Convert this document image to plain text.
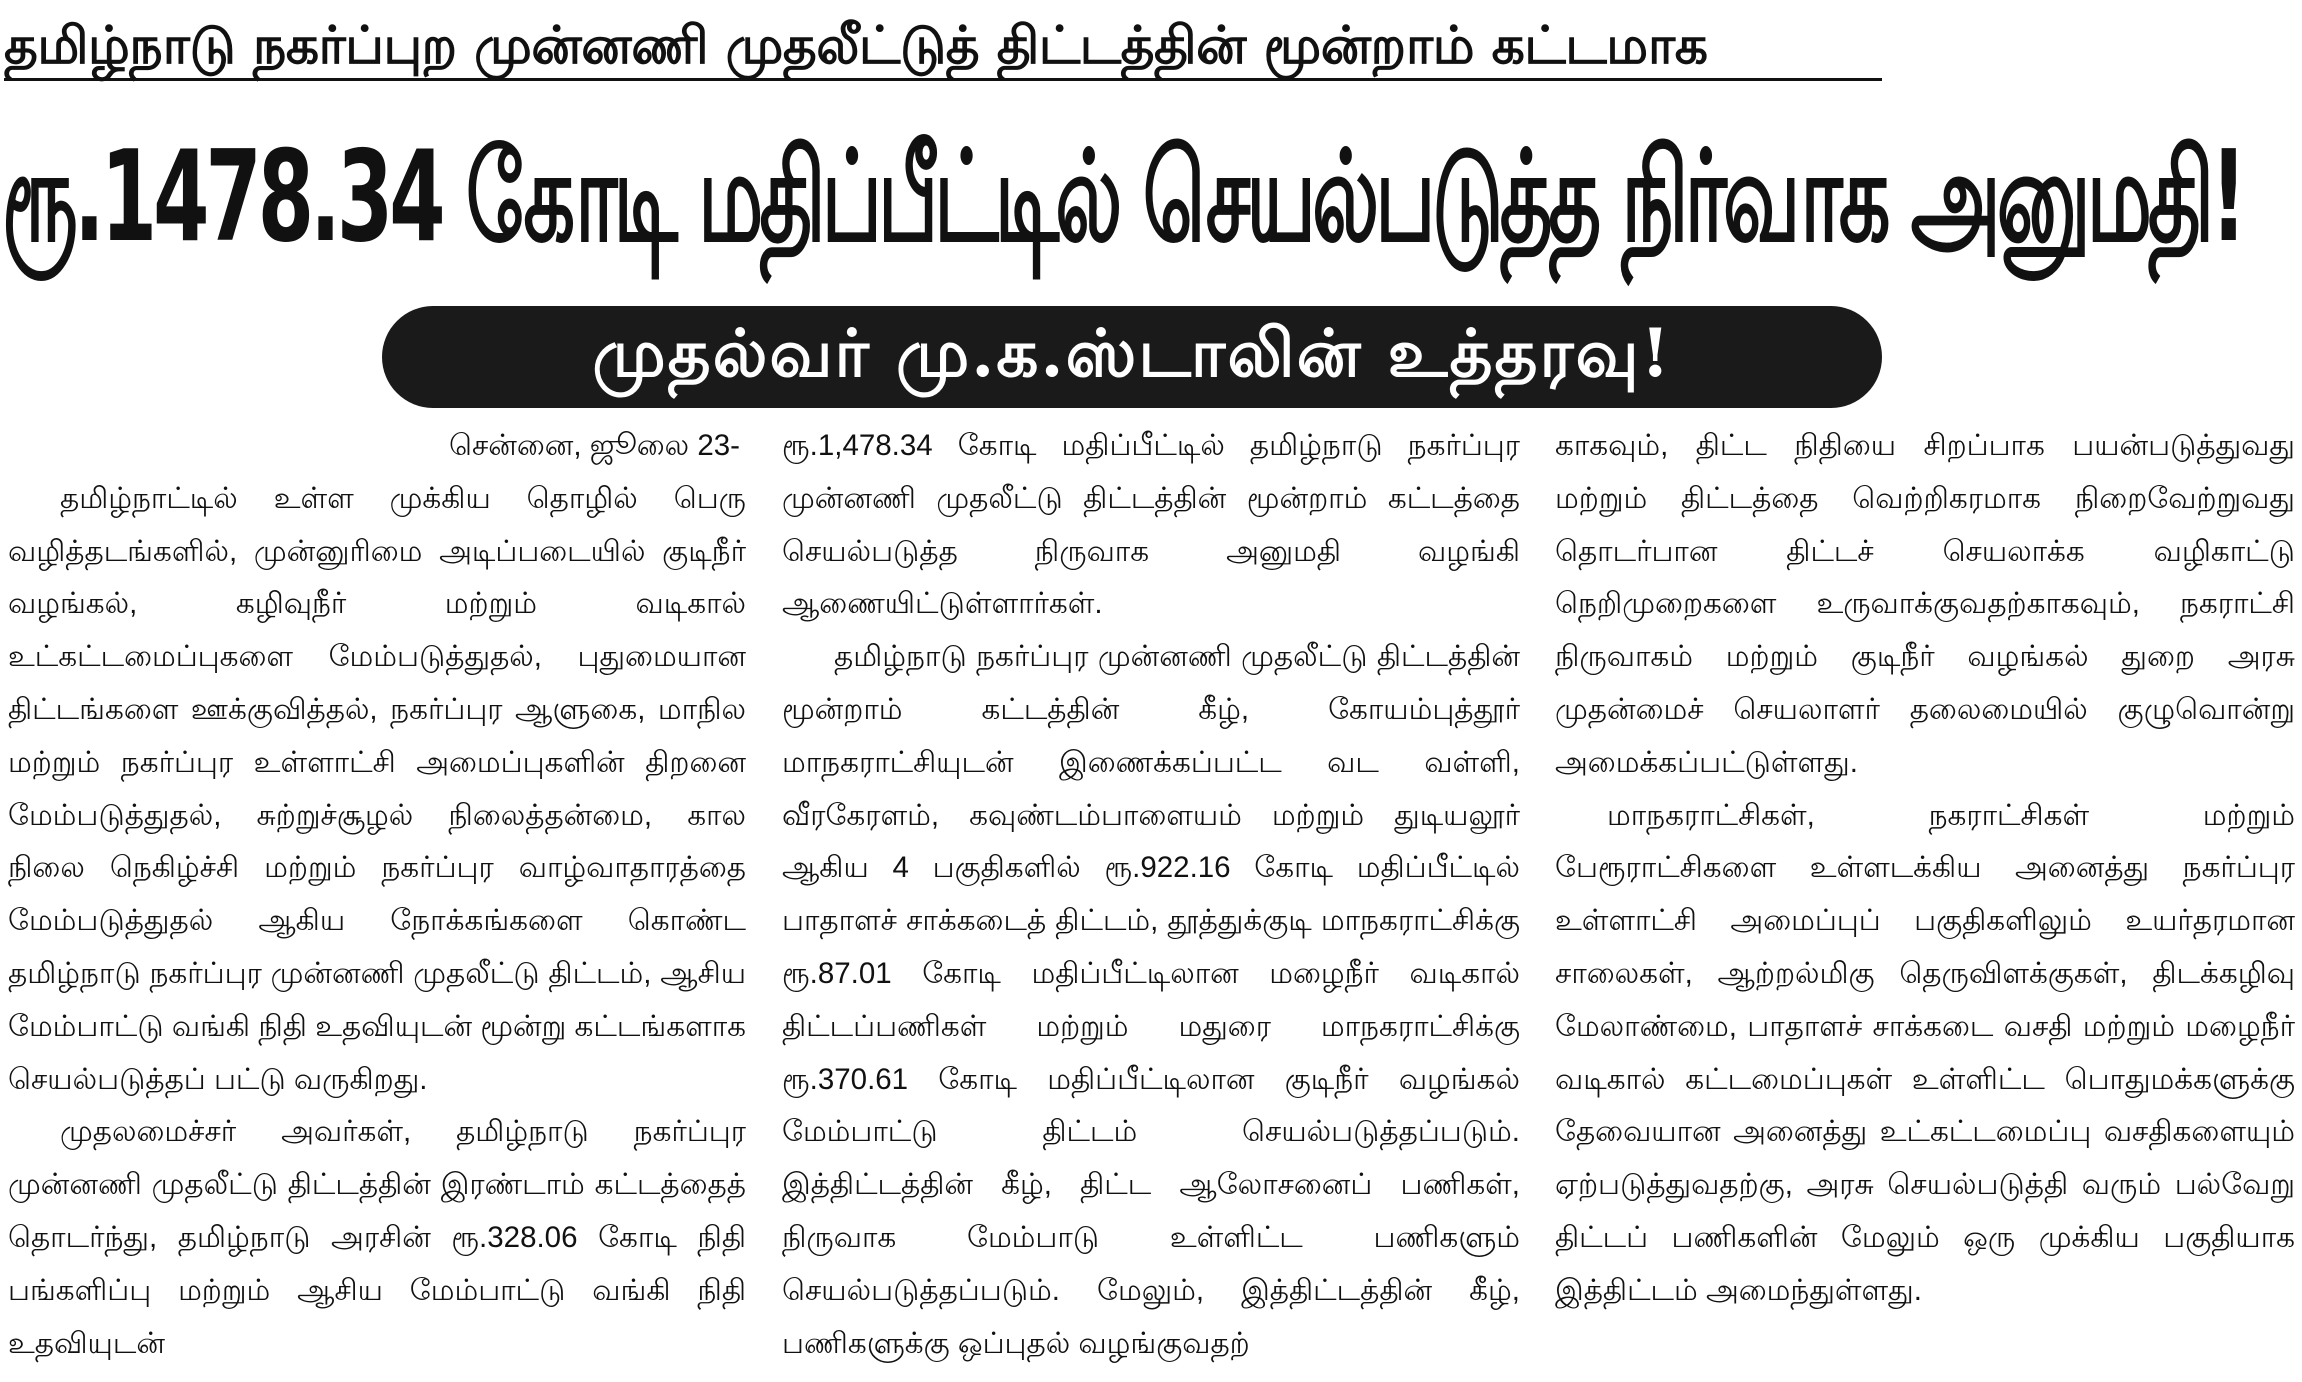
தமிழ்நாடு நகர்ப்புற முன்னணி முதலீட்டுத் திட்டத்தின் மூன்றாம் கட்டமாக
ரூ.1478.34 கோடி மதிப்பீட்டில் செயல்படுத்த நிர்வாக அனுமதி!
முதல்வர் மு.க.ஸ்டாலின் உத்தரவு!

சென்னை, ஜூலை 23-

தமிழ்நாட்டில் உள்ள முக்கிய தொழில் பெரு வழித்தடங்களில், முன்னுரிமை அடிப்படையில் குடிநீர் வழங்கல், கழிவுநீர் மற்றும் வடிகால் உட்கட்டமைப்புகளை மேம்படுத்துதல், புதுமையான திட்டங்களை ஊக்குவித்தல், நகர்ப்புர ஆளுகை, மாநில மற்றும் நகர்ப்புர உள்ளாட்சி அமைப்புகளின் திறனை மேம்படுத்துதல், சுற்றுச்சூழல் நிலைத்தன்மை, கால நிலை நெகிழ்ச்சி மற்றும் நகர்ப்புர வாழ்வாதாரத்தை மேம்படுத்துதல் ஆகிய நோக்கங்களை கொண்ட தமிழ்நாடு நகர்ப்புர முன்னணி முதலீட்டு திட்டம், ஆசிய மேம்பாட்டு வங்கி நிதி உதவியுடன் மூன்று கட்டங்களாக செயல்படுத்தப் பட்டு வருகிறது.

முதலமைச்சர் அவர்கள், தமிழ்நாடு நகர்ப்புர முன்னணி முதலீட்டு திட்டத்தின் இரண்டாம் கட்டத்தைத் தொடர்ந்து, தமிழ்நாடு அரசின் ரூ.328.06 கோடி நிதி பங்களிப்பு மற்றும் ஆசிய மேம்பாட்டு வங்கி நிதி உதவியுடன்

ரூ.1,478.34 கோடி மதிப்பீட்டில் தமிழ்நாடு நகர்ப்புர முன்னணி முதலீட்டு திட்டத்தின் மூன்றாம் கட்டத்தை செயல்படுத்த நிருவாக அனுமதி வழங்கி ஆணையிட்டுள்ளார்கள்.

தமிழ்நாடு நகர்ப்புர முன்னணி முதலீட்டு திட்டத்தின் மூன்றாம் கட்டத்தின் கீழ், கோயம்புத்தூர் மாநகராட்சியுடன் இணைக்கப்பட்ட வட வள்ளி, வீரகேரளம், கவுண்டம்பாளையம் மற்றும் துடியலூர் ஆகிய 4 பகுதிகளில் ரூ.922.16 கோடி மதிப்பீட்டில் பாதாளச் சாக்கடைத் திட்டம், தூத்துக்குடி மாநகராட்சிக்கு ரூ.87.01 கோடி மதிப்பீட்டிலான மழைநீர் வடிகால் திட்டப்பணிகள் மற்றும் மதுரை மாநகராட்சிக்கு ரூ.370.61 கோடி மதிப்பீட்டிலான குடிநீர் வழங்கல் மேம்பாட்டு திட்டம் செயல்படுத்தப்படும். இத்திட்டத்தின் கீழ், திட்ட ஆலோசனைப் பணிகள், நிருவாக மேம்பாடு உள்ளிட்ட பணிகளும் செயல்படுத்தப்படும். மேலும், இத்திட்டத்தின் கீழ், பணிகளுக்கு ஒப்புதல் வழங்குவதற்

காகவும், திட்ட நிதியை சிறப்பாக பயன்படுத்துவது மற்றும் திட்டத்தை வெற்றிகரமாக நிறைவேற்றுவது தொடர்பான திட்டச் செயலாக்க வழிகாட்டு நெறிமுறைகளை உருவாக்குவதற்காகவும், நகராட்சி நிருவாகம் மற்றும் குடிநீர் வழங்கல் துறை அரசு முதன்மைச் செயலாளர் தலைமையில் குழுவொன்று அமைக்கப்பட்டுள்ளது.

மாநகராட்சிகள், நகராட்சிகள் மற்றும் பேரூராட்சிகளை உள்ளடக்கிய அனைத்து நகர்ப்புர உள்ளாட்சி அமைப்புப் பகுதிகளிலும் உயர்தரமான சாலைகள், ஆற்றல்மிகு தெருவிளக்குகள், திடக்கழிவு மேலாண்மை, பாதாளச் சாக்கடை வசதி மற்றும் மழைநீர் வடிகால் கட்டமைப்புகள் உள்ளிட்ட பொதுமக்களுக்கு தேவையான அனைத்து உட்கட்டமைப்பு வசதிகளையும் ஏற்படுத்துவதற்கு, அரசு செயல்படுத்தி வரும் பல்வேறு திட்டப் பணிகளின் மேலும் ஒரு முக்கிய பகுதியாக இத்திட்டம் அமைந்துள்ளது.
